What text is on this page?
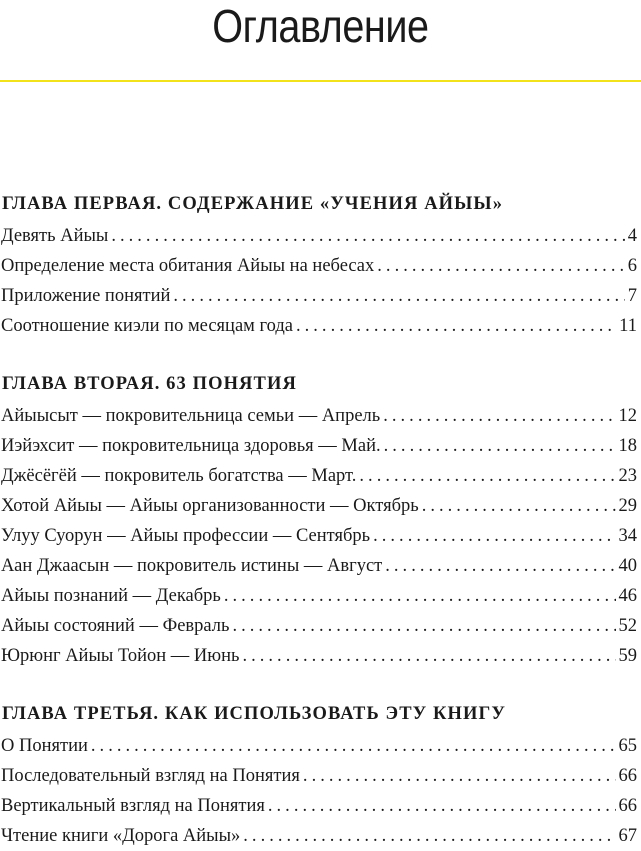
Оглавление
ГЛАВА ПЕРВАЯ. СОДЕРЖАНИЕ «УЧЕНИЯ АЙЫЫ»
Девять Айыы . . .	4
Определение места обитания Айыы на небесах . . .	6
Приложение понятий . . .	7
Соотношение киэли по месяцам года . . .	11
ГЛАВА ВТОРАЯ. 63 ПОНЯТИЯ
Айыысыт — покровительница семьи — Апрель . . .	12
Иэйэхсит — покровительница здоровья — Май. . . .	18
Джёсёгёй — покровитель богатства — Март. . . .	23
Хотой Айыы — Айыы организованности — Октябрь . . .	29
Улуу Суорун — Айыы профессии — Сентябрь . . .	34
Аан Джаасын — покровитель истины — Август . . .	40
Айыы познаний — Декабрь . . .	46
Айыы состояний — Февраль . . .	52
Юрюнг Айыы Тойон — Июнь . . .	59
ГЛАВА ТРЕТЬЯ. КАК ИСПОЛЬЗОВАТЬ ЭТУ КНИГУ
О Понятии . . .	65
Последовательный взгляд на Понятия . . .	66
Вертикальный взгляд на Понятия . . .	66
Чтение книги «Дорога Айыы» . . .	67
